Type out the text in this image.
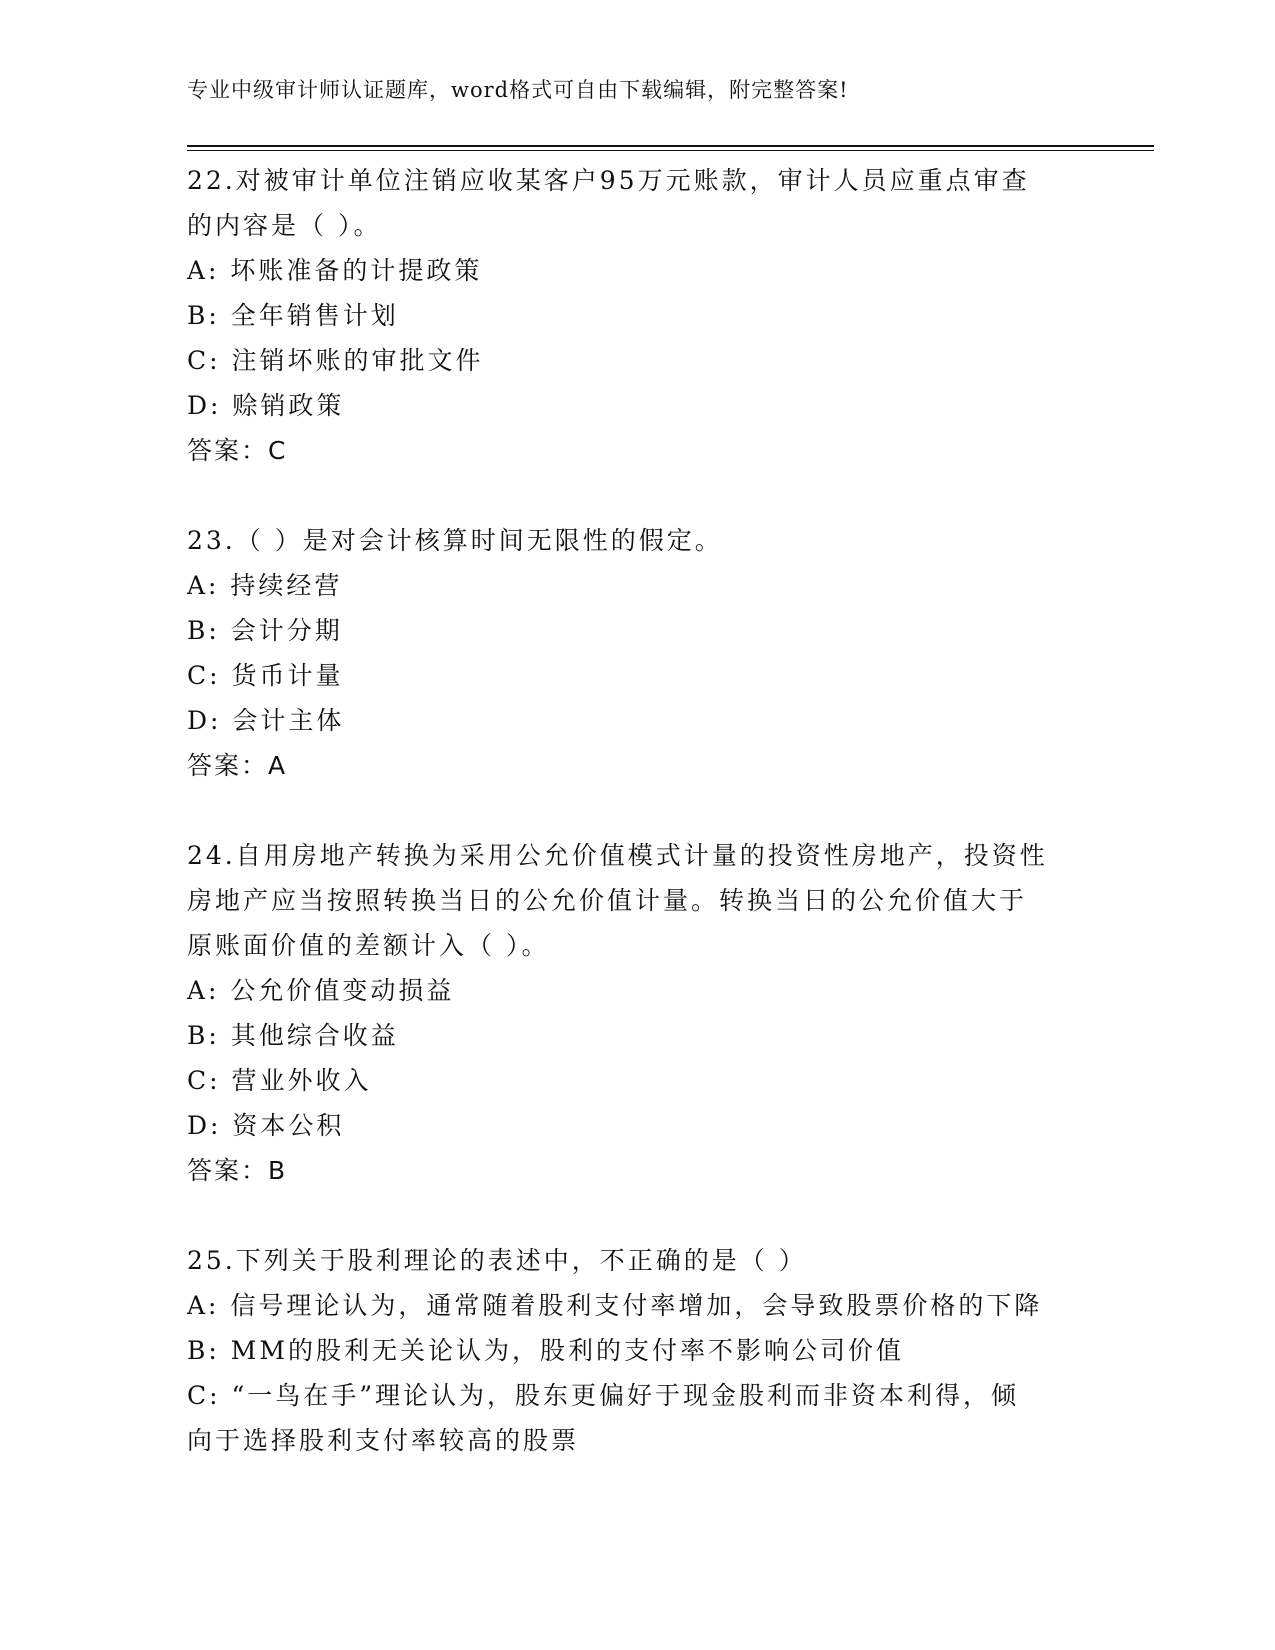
专业中级审计师认证题库，word格式可自由下载编辑，附完整答案!
22.对被审计单位注销应收某客户95万元账款，审计人员应重点审查
的内容是（ ）。
A: 坏账准备的计提政策
B: 全年销售计划
C: 注销坏账的审批文件
D: 赊销政策
答案：C
23.（ ）是对会计核算时间无限性的假定。
A: 持续经营
B: 会计分期
C: 货币计量
D: 会计主体
答案：A
24.自用房地产转换为采用公允价值模式计量的投资性房地产，投资性
房地产应当按照转换当日的公允价值计量。转换当日的公允价值大于
原账面价值的差额计入（ ）。
A: 公允价值变动损益
B: 其他综合收益
C: 营业外收入
D: 资本公积
答案：B
25.下列关于股利理论的表述中，不正确的是（ ）
A: 信号理论认为，通常随着股利支付率增加，会导致股票价格的下降
B: MM的股利无关论认为，股利的支付率不影响公司价值
C: “一鸟在手”理论认为，股东更偏好于现金股利而非资本利得，倾
向于选择股利支付率较高的股票
